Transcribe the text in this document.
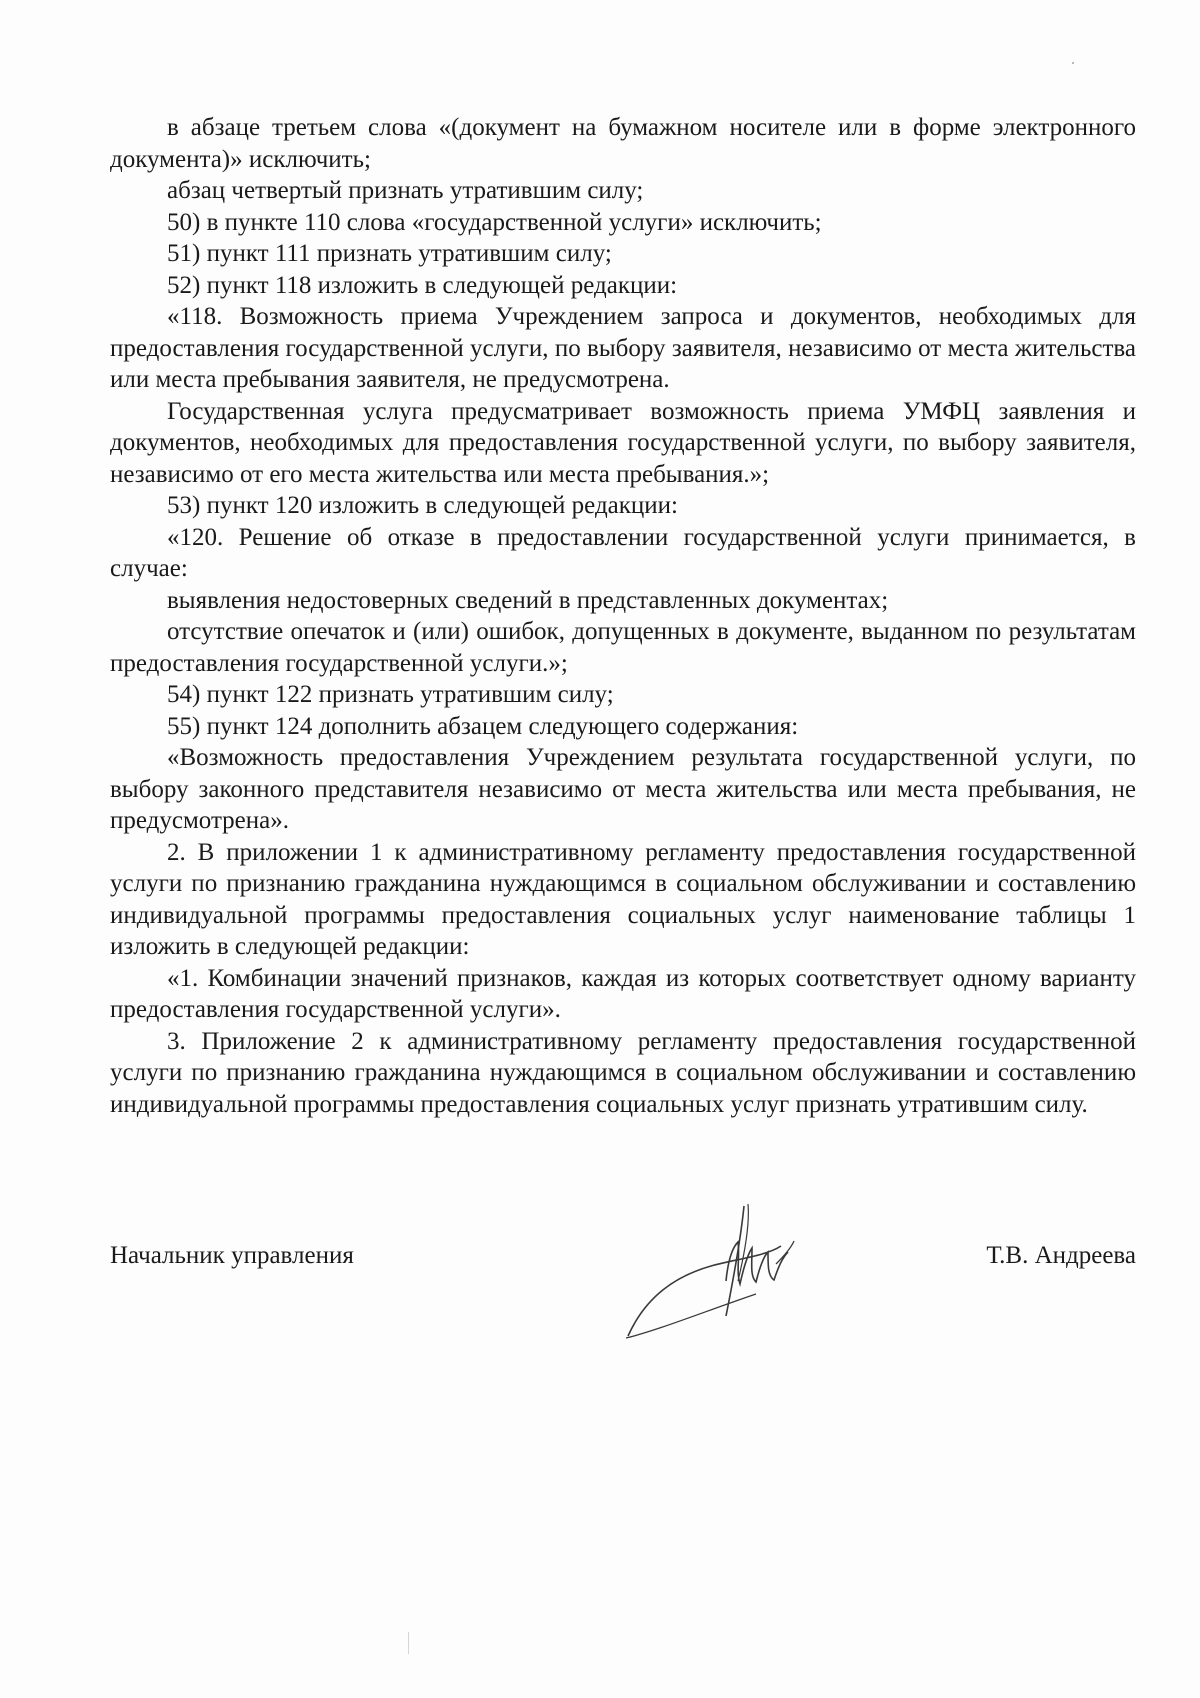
в абзаце третьем слова «(документ на бумажном носителе или в форме электронного документа)» исключить;

абзац четвертый признать утратившим силу;

50) в пункте 110 слова «государственной услуги» исключить;

51) пункт 111 признать утратившим силу;

52) пункт 118 изложить в следующей редакции:

«118. Возможность приема Учреждением запроса и документов, необходимых для предоставления государственной услуги, по выбору заявителя, независимо от места жительства или места пребывания заявителя, не предусмотрена.

Государственная услуга предусматривает возможность приема УМФЦ заявления и документов, необходимых для предоставления государственной услуги, по выбору заявителя, независимо от его места жительства или места пребывания.»;

53) пункт 120 изложить в следующей редакции:

«120. Решение об отказе в предоставлении государственной услуги принимается, в случае:

выявления недостоверных сведений в представленных документах;

отсутствие опечаток и (или) ошибок, допущенных в документе, выданном по результатам предоставления государственной услуги.»;

54) пункт 122 признать утратившим силу;

55) пункт 124 дополнить абзацем следующего содержания:

«Возможность предоставления Учреждением результата государственной услуги, по выбору законного представителя независимо от места жительства или места пребывания, не предусмотрена».

2. В приложении 1 к административному регламенту предоставления государственной услуги по признанию гражданина нуждающимся в социальном обслуживании и составлению индивидуальной программы предоставления социальных услуг наименование таблицы 1 изложить в следующей редакции:

«1. Комбинации значений признаков, каждая из которых соответствует одному варианту предоставления государственной услуги».

3. Приложение 2 к административному регламенту предоставления государственной услуги по признанию гражданина нуждающимся в социальном обслуживании и составлению индивидуальной программы предоставления социальных услуг признать утратившим силу.

Начальник управления	Т.В. Андреева
